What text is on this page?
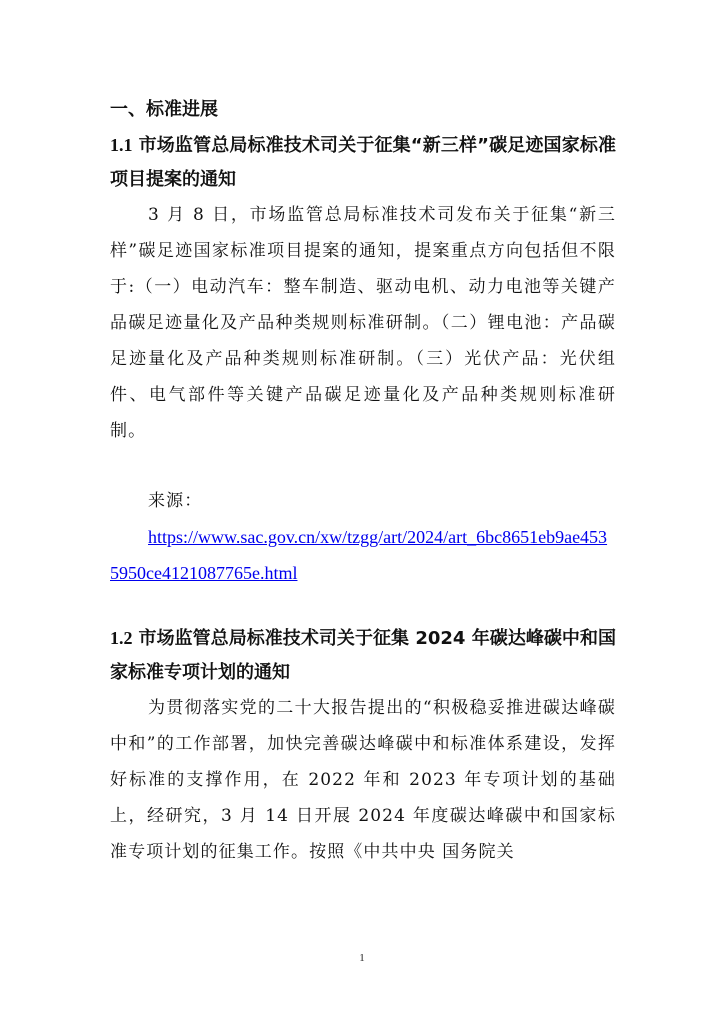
一、标准进展
1.1 市场监管总局标准技术司关于征集“新三样”碳足迹国家标准项目提案的通知

3 月 8 日，市场监管总局标准技术司发布关于征集“新三样”碳足迹国家标准项目提案的通知，提案重点方向包括但不限于:（一）电动汽车：整车制造、驱动电机、动力电池等关键产品碳足迹量化及产品种类规则标准研制。（二）锂电池：产品碳足迹量化及产品种类规则标准研制。（三）光伏产品：光伏组件、电气部件等关键产品碳足迹量化及产品种类规则标准研制。

来源：

https://www.sac.gov.cn/xw/tzgg/art/2024/art_6bc8651eb9ae4535950ce4121087765e.html

1.2 市场监管总局标准技术司关于征集 2024 年碳达峰碳中和国家标准专项计划的通知

为贯彻落实党的二十大报告提出的“积极稳妥推进碳达峰碳中和”的工作部署，加快完善碳达峰碳中和标准体系建设，发挥好标准的支撑作用，在 2022 年和 2023 年专项计划的基础上，经研究，3 月 14 日开展 2024 年度碳达峰碳中和国家标准专项计划的征集工作。按照《中共中央 国务院关

1
